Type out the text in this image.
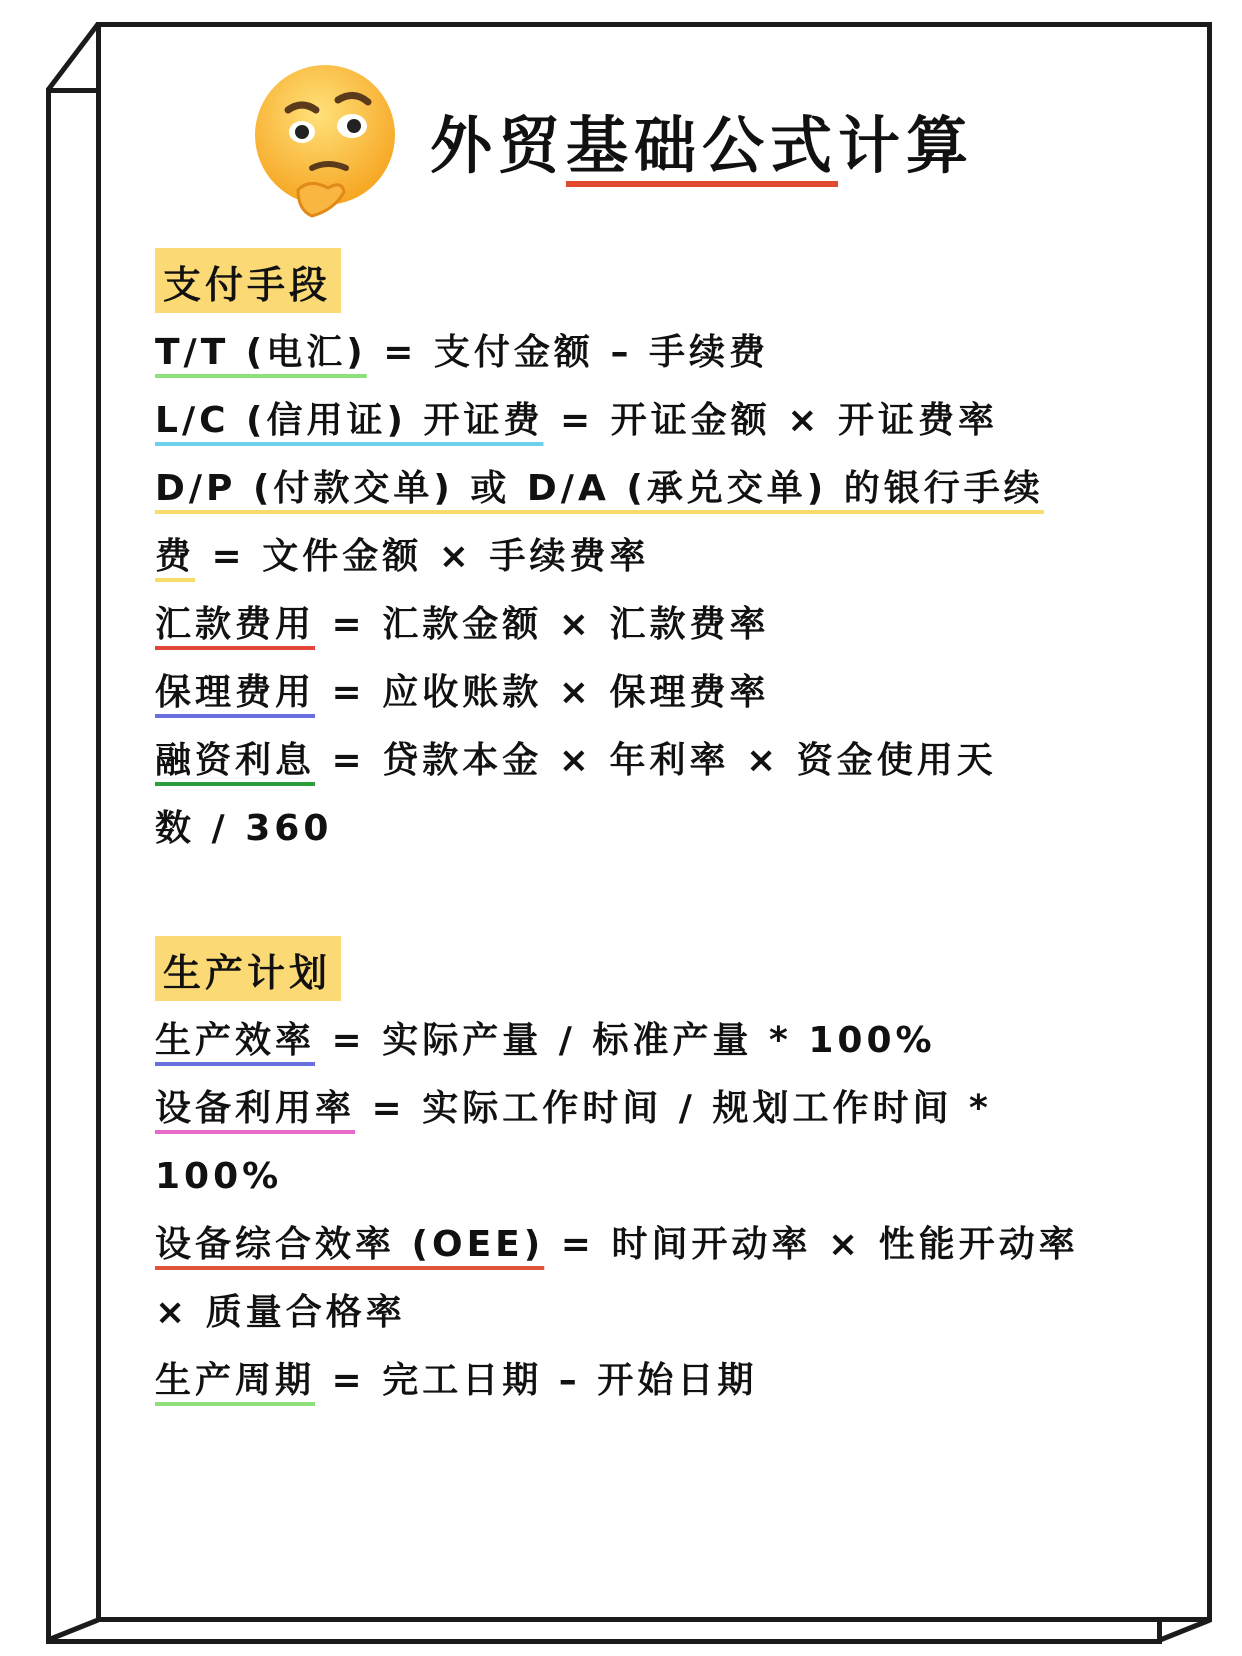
外贸基础公式计算
支付手段
T/T (电汇) = 支付金额 – 手续费
L/C (信用证) 开证费 = 开证金额 × 开证费率
D/P (付款交单) 或 D/A (承兑交单) 的银行手续
费 = 文件金额 × 手续费率
汇款费用 = 汇款金额 × 汇款费率
保理费用 = 应收账款 × 保理费率
融资利息 = 贷款本金 × 年利率 × 资金使用天
数 / 360
生产计划
生产效率 = 实际产量 / 标准产量 * 100%
设备利用率 = 实际工作时间 / 规划工作时间 *
100%
设备综合效率 (OEE) = 时间开动率 × 性能开动率
× 质量合格率
生产周期 = 完工日期 – 开始日期
